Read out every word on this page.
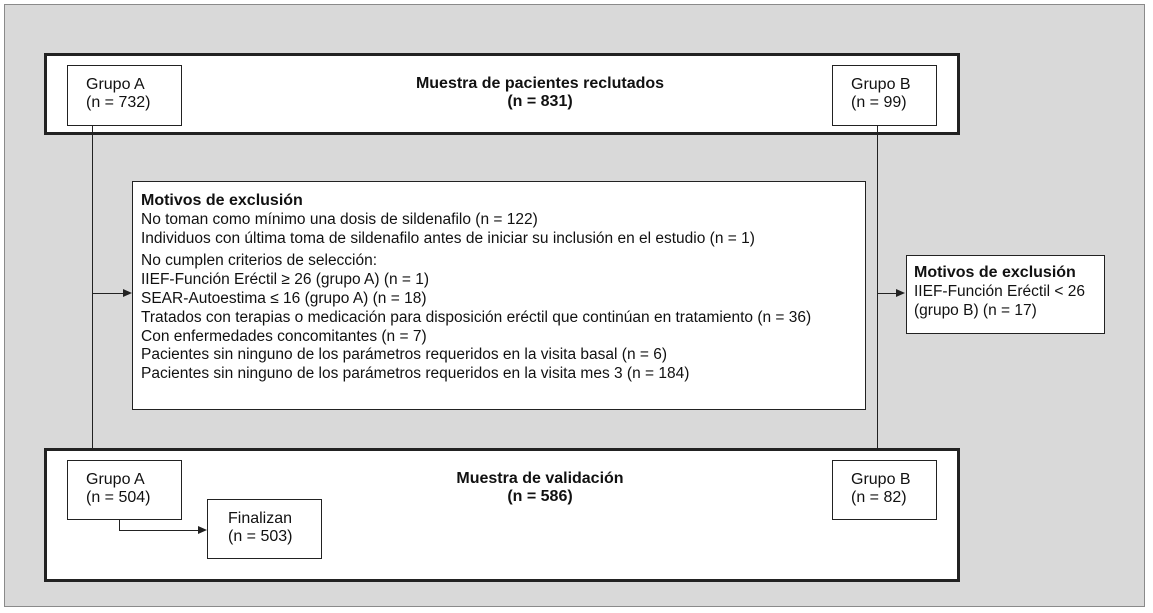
Muestra de pacientes reclutados
(n = 831)
Grupo A
(n = 732)
Grupo B
(n = 99)
Motivos de exclusión
No toman como mínimo una dosis de sildenafilo (n = 122)
Individuos con última toma de sildenafilo antes de iniciar su inclusión en el estudio (n = 1)
No cumplen criterios de selección:
IIEF-Función Eréctil ≥ 26 (grupo A) (n = 1)
SEAR-Autoestima ≤ 16 (grupo A) (n = 18)
Tratados con terapias o medicación para disposición eréctil que continúan en tratamiento (n = 36)
Con enfermedades concomitantes (n = 7)
Pacientes sin ninguno de los parámetros requeridos en la visita basal (n = 6)
Pacientes sin ninguno de los parámetros requeridos en la visita mes 3 (n = 184)
Motivos de exclusión
IIEF-Función Eréctil < 26
(grupo B) (n = 17)
Muestra de validación
(n = 586)
Grupo A
(n = 504)
Grupo B
(n = 82)
Finalizan
(n = 503)
